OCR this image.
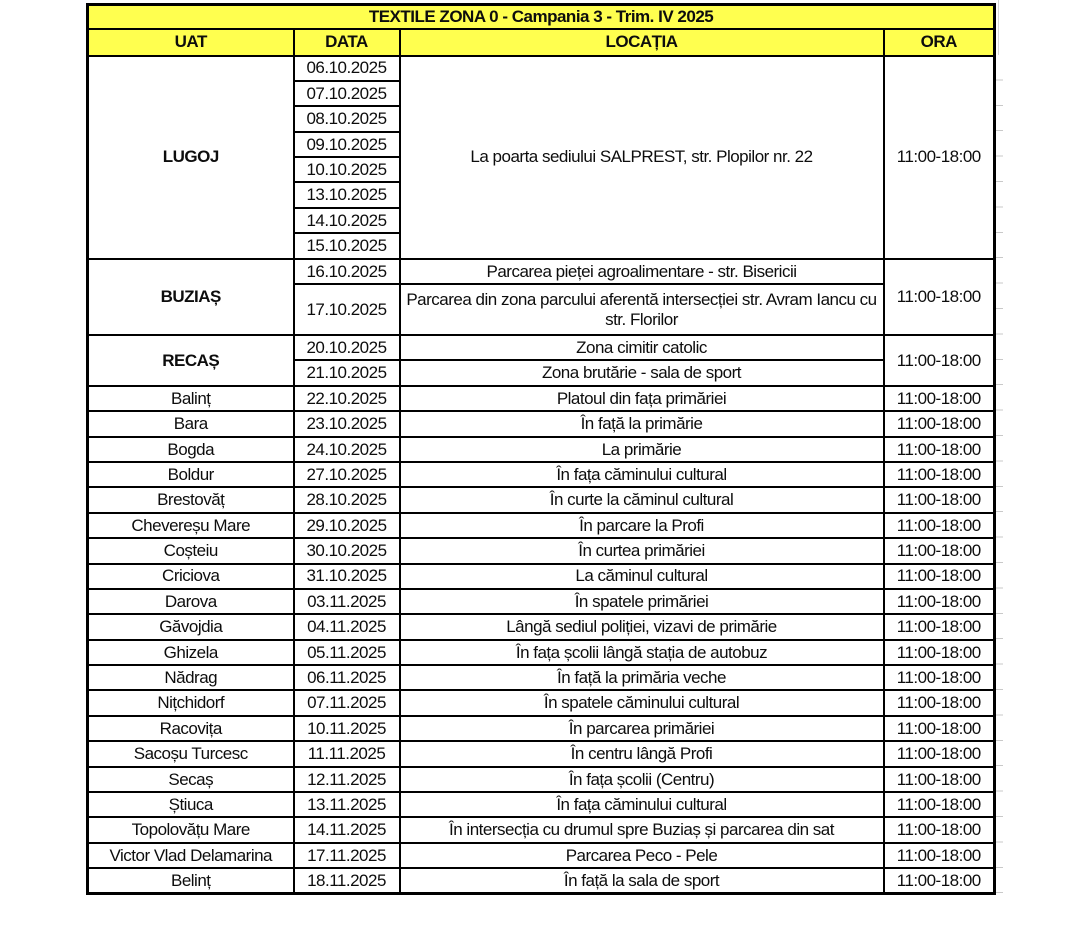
TEXTILE ZONA 0 - Campania 3 - Trim. IV 2025			
UAT	DATA	LOCAȚIA	ORA
LUGOJ	06.10.2025	La poarta sediului SALPREST, str. Plopilor nr. 22	11:00-18:00
	07.10.2025		
	08.10.2025		
	09.10.2025		
	10.10.2025		
	13.10.2025		
	14.10.2025		
	15.10.2025		
BUZIAȘ	16.10.2025	Parcarea pieței agroalimentare - str. Bisericii	11:00-18:00
	17.10.2025	Parcarea din zona parcului aferentă intersecției str. Avram Iancu cu str. Florilor	
RECAȘ	20.10.2025	Zona cimitir catolic	11:00-18:00
	21.10.2025	Zona brutărie - sala de sport	
Balinț	22.10.2025	Platoul din fața primăriei	11:00-18:00
Bara	23.10.2025	În față la primărie	11:00-18:00
Bogda	24.10.2025	La primărie	11:00-18:00
Boldur	27.10.2025	În fața căminului cultural	11:00-18:00
Brestovăț	28.10.2025	În curte la căminul cultural	11:00-18:00
Chevereșu Mare	29.10.2025	În parcare la Profi	11:00-18:00
Coșteiu	30.10.2025	În curtea primăriei	11:00-18:00
Criciova	31.10.2025	La căminul cultural	11:00-18:00
Darova	03.11.2025	În spatele primăriei	11:00-18:00
Găvojdia	04.11.2025	Lângă sediul poliției, vizavi de primărie	11:00-18:00
Ghizela	05.11.2025	În fața școlii lângă stația de autobuz	11:00-18:00
Nădrag	06.11.2025	În față la primăria veche	11:00-18:00
Nițchidorf	07.11.2025	În spatele căminului cultural	11:00-18:00
Racovița	10.11.2025	În parcarea primăriei	11:00-18:00
Sacoșu Turcesc	11.11.2025	În centru lângă Profi	11:00-18:00
Secaș	12.11.2025	În fața școlii (Centru)	11:00-18:00
Știuca	13.11.2025	În fața căminului cultural	11:00-18:00
Topolovățu Mare	14.11.2025	În intersecția cu drumul spre Buziaș și parcarea din sat	11:00-18:00
Victor Vlad Delamarina	17.11.2025	Parcarea Peco - Pele	11:00-18:00
Belinț	18.11.2025	În față la sala de sport	11:00-18:00
